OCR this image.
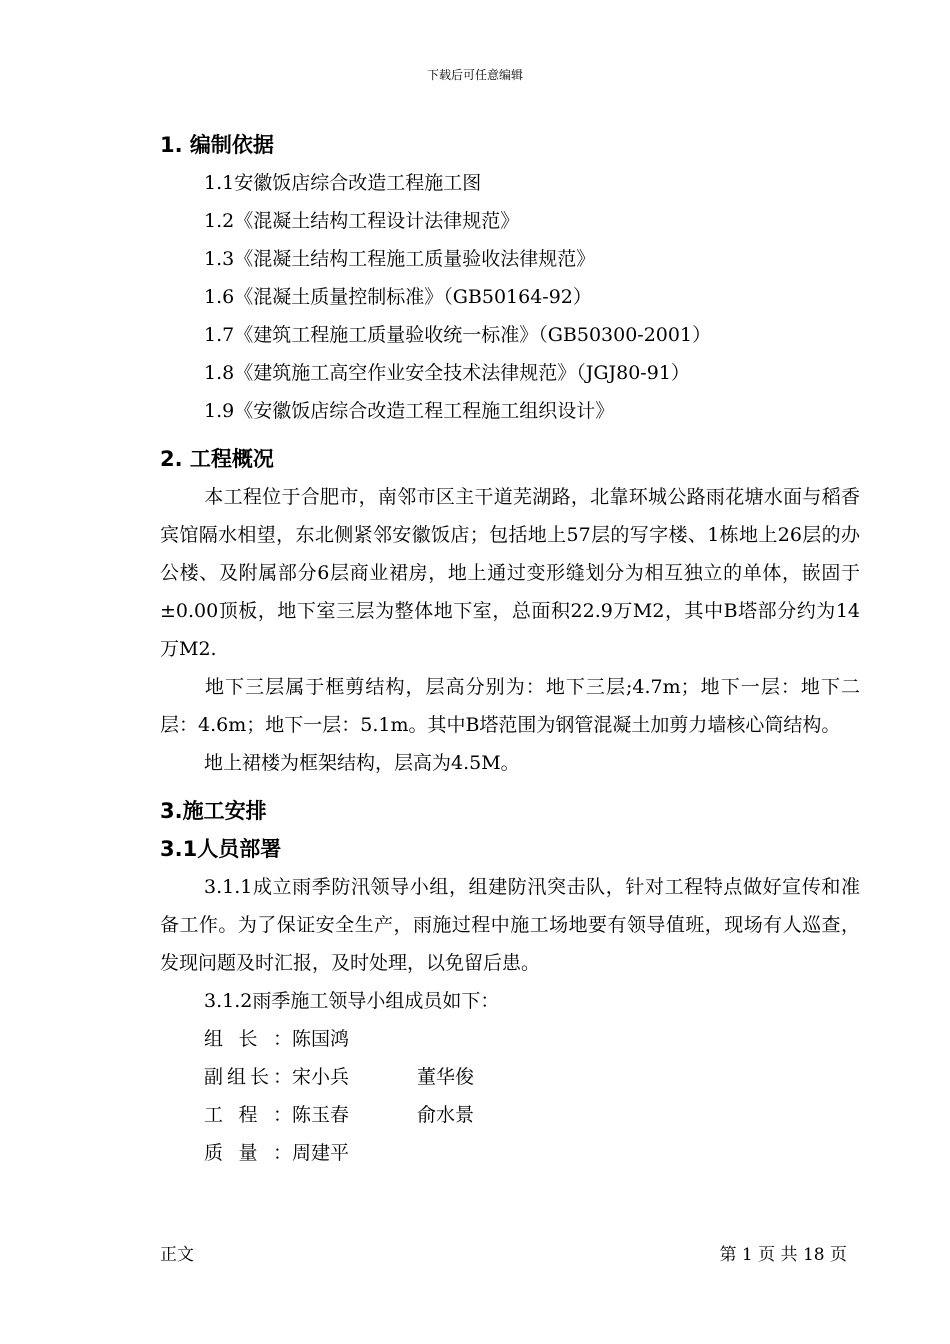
下载后可任意编辑
1. 编制依据
1.1安徽饭店综合改造工程施工图
1.2《混凝土结构工程设计法律规范》
1.3《混凝土结构工程施工质量验收法律规范》
1.6《混凝土质量控制标准》（GB50164-92）
1.7《建筑工程施工质量验收统一标准》（GB50300-2001）
1.8《建筑施工高空作业安全技术法律规范》（JGJ80-91）
1.9《安徽饭店综合改造工程工程施工组织设计》
2. 工程概况
本工程位于合肥市，南邻市区主干道芜湖路，北靠环城公路雨花塘水面与稻香宾馆隔水相望，东北侧紧邻安徽饭店；包括地上57层的写字楼、1栋地上26层的办公楼、及附属部分6层商业裙房，地上通过变形缝划分为相互独立的单体，嵌固于±0.00顶板，地下室三层为整体地下室，总面积22.9万M2，其中B塔部分约为14万M2.
地下三层属于框剪结构，层高分别为：地下三层;4.7m；地下一层：地下二层：4.6m；地下一层：5.1m。其中B塔范围为钢管混凝土加剪力墙核心筒结构。
地上裙楼为框架结构，层高为4.5M。
3.施工安排
3.1人员部署
3.1.1成立雨季防汛领导小组，组建防汛突击队，针对工程特点做好宣传和准备工作。为了保证安全生产，雨施过程中施工场地要有领导值班，现场有人巡查，发现问题及时汇报，及时处理，以免留后患。
3.1.2雨季施工领导小组成员如下：
组长：陈国鸿
副组长：宋小兵	董华俊
工程：陈玉春	俞水景
质量：周建平
正文	第 1 页 共 18 页
